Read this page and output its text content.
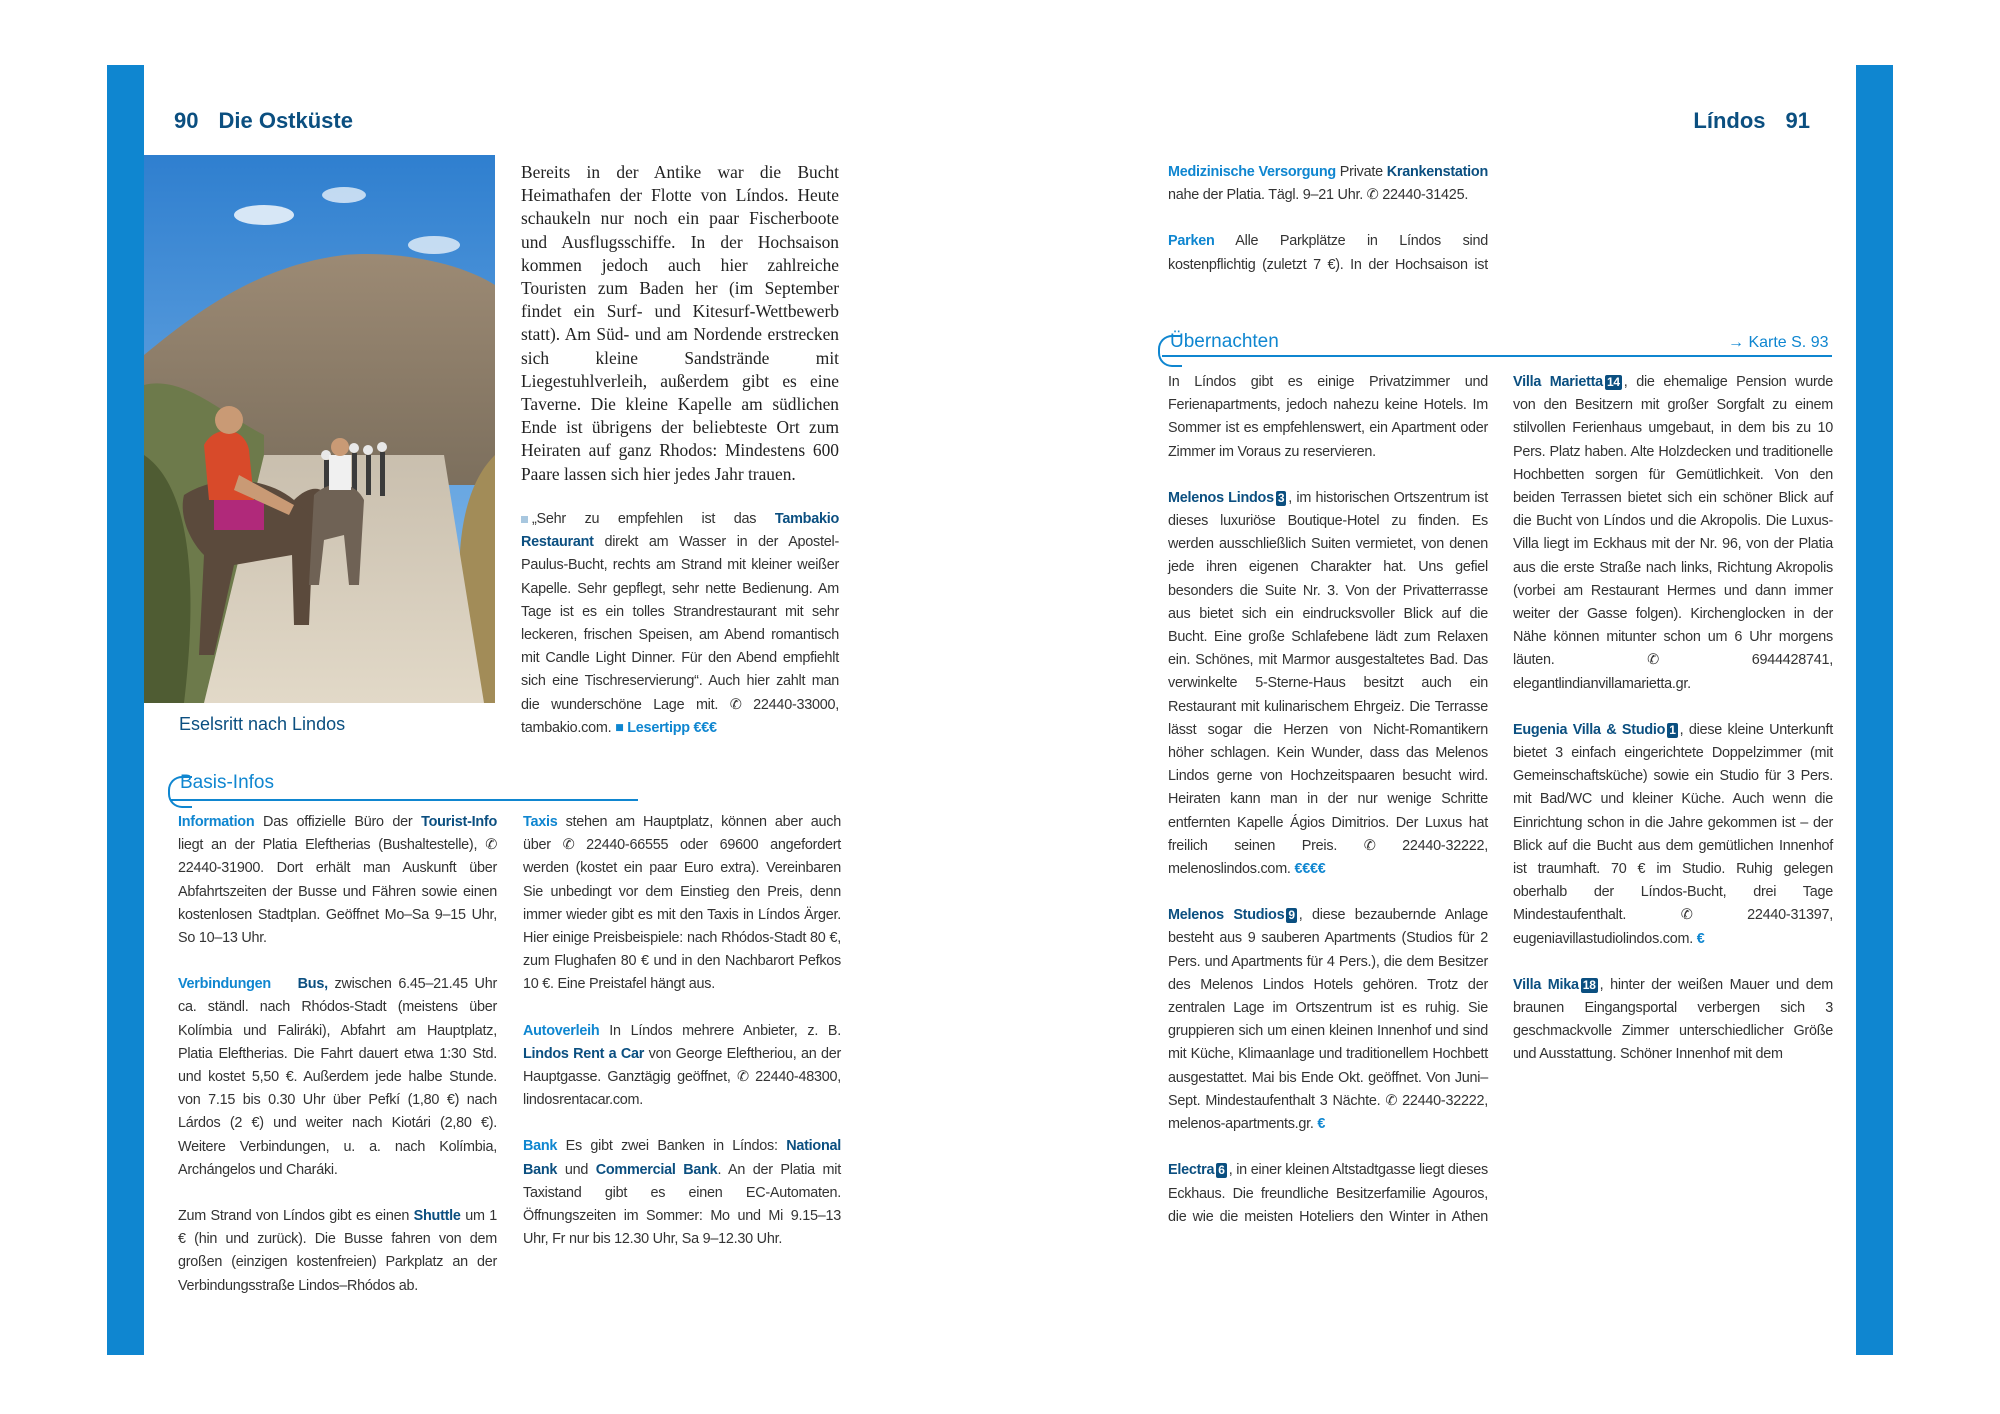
90 Die Ostküste	Líndos 91
Eselsritt nach Lindos
Bereits in der Antike war die Bucht Heimathafen der Flotte von Líndos. Heute schaukeln nur noch ein paar Fischerboote und Ausflugsschiffe. In der Hochsaison kommen jedoch auch hier zahlreiche Touristen zum Baden her (im September findet ein Surf- und Kitesurf-Wettbewerb statt). Am Süd- und am Nordende erstrecken sich kleine Sandstrände mit Liegestuhlverleih, außerdem gibt es eine Taverne. Die kleine Kapelle am südlichen Ende ist übrigens der beliebteste Ort zum Heiraten auf ganz Rhodos: Mindestens 600 Paare lassen sich hier jedes Jahr trauen.
„Sehr zu empfehlen ist das Tambakio Restaurant direkt am Wasser in der Apostel-Paulus-Bucht, rechts am Strand mit kleiner weißer Kapelle. Sehr gepflegt, sehr nette Bedienung. Am Tage ist es ein tolles Strandrestaurant mit sehr leckeren, frischen Speisen, am Abend romantisch mit Candle Light Dinner. Für den Abend empfiehlt sich eine Tischreservierung“. Auch hier zahlt man die wunderschöne Lage mit. ✆ 22440-33000, tambakio.com. ■ Lesertipp €€€
Basis-Infos

Information Das offizielle Büro der Tourist-Info liegt an der Platia Eleftherias (Bushaltestelle), ✆ 22440-31900. Dort erhält man Auskunft über Abfahrtszeiten der Busse und Fähren sowie einen kostenlosen Stadtplan. Geöffnet Mo–Sa 9–15 Uhr, So 10–13 Uhr.

Verbindungen Bus, zwischen 6.45–21.45 Uhr ca. ständl. nach Rhódos-Stadt (meistens über Kolímbia und Faliráki), Abfahrt am Hauptplatz, Platia Eleftherias. Die Fahrt dauert etwa 1:30 Std. und kostet 5,50 €. Außerdem jede halbe Stunde. von 7.15 bis 0.30 Uhr über Pefkí (1,80 €) nach Lárdos (2 €) und weiter nach Kiotári (2,80 €). Weitere Verbindungen, u. a. nach Kolímbia, Archángelos und Charáki.

Zum Strand von Líndos gibt es einen Shuttle um 1 € (hin und zurück). Die Busse fahren von dem großen (einzigen kostenfreien) Parkplatz an der Verbindungsstraße Lindos–Rhódos ab.

Taxis stehen am Hauptplatz, können aber auch über ✆ 22440-66555 oder 69600 angefordert werden (kostet ein paar Euro extra). Vereinbaren Sie unbedingt vor dem Einstieg den Preis, denn immer wieder gibt es mit den Taxis in Líndos Ärger. Hier einige Preisbeispiele: nach Rhódos-Stadt 80 €, zum Flughafen 80 € und in den Nachbarort Pefkos 10 €. Eine Preistafel hängt aus.

Autoverleih In Líndos mehrere Anbieter, z. B. Lindos Rent a Car von George Eleftheriou, an der Hauptgasse. Ganztägig geöffnet, ✆ 22440-48300, lindosrentacar.com.

Bank Es gibt zwei Banken in Líndos: National Bank und Commercial Bank. An der Platia mit Taxistand gibt es einen EC-Automaten. Öffnungszeiten im Sommer: Mo und Mi 9.15–13 Uhr, Fr nur bis 12.30 Uhr, Sa 9–12.30 Uhr.

Medizinische Versorgung Private Krankenstation nahe der Platia. Tägl. 9–21 Uhr. ✆ 22440-31425.

Parken Alle Parkplätze in Líndos sind kostenpflichtig (zuletzt 7 €). In der Hochsaison ist

Übernachten	→ Karte S. 93

In Líndos gibt es einige Privatzimmer und Ferienapartments, jedoch nahezu keine Hotels. Im Sommer ist es empfehlenswert, ein Apartment oder Zimmer im Voraus zu reservieren.

Melenos Lindos 3 , im historischen Ortszentrum ist dieses luxuriöse Boutique-Hotel zu finden. Es werden ausschließlich Suiten vermietet, von denen jede ihren eigenen Charakter hat. Uns gefiel besonders die Suite Nr. 3. Von der Privatterrasse aus bietet sich ein eindrucksvoller Blick auf die Bucht. Eine große Schlafebene lädt zum Relaxen ein. Schönes, mit Marmor ausgestaltetes Bad. Das verwinkelte 5-Sterne-Haus besitzt auch ein Restaurant mit kulinarischem Ehrgeiz. Die Terrasse lässt sogar die Herzen von Nicht-Romantikern höher schlagen. Kein Wunder, dass das Melenos Lindos gerne von Hochzeitspaaren besucht wird. Heiraten kann man in der nur wenige Schritte entfernten Kapelle Ágios Dimitrios. Der Luxus hat freilich seinen Preis. ✆ 22440-32222, melenoslindos.com. €€€€

Melenos Studios 9 , diese bezaubernde Anlage besteht aus 9 sauberen Apartments (Studios für 2 Pers. und Apartments für 4 Pers.), die dem Besitzer des Melenos Lindos Hotels gehören. Trotz der zentralen Lage im Ortszentrum ist es ruhig. Sie gruppieren sich um einen kleinen Innenhof und sind mit Küche, Klimaanlage und traditionellem Hochbett ausgestattet. Mai bis Ende Okt. geöffnet. Von Juni–Sept. Mindestaufenthalt 3 Nächte. ✆ 22440-32222, melenos-apartments.gr. €

Electra 6 , in einer kleinen Altstadtgasse liegt dieses Eckhaus. Die freundliche Besitzerfamilie Agouros, die wie die meisten Hoteliers den Winter in Athen

Villa Marietta 14 , die ehemalige Pension wurde von den Besitzern mit großer Sorgfalt zu einem stilvollen Ferienhaus umgebaut, in dem bis zu 10 Pers. Platz haben. Alte Holzdecken und traditionelle Hochbetten sorgen für Gemütlichkeit. Von den beiden Terrassen bietet sich ein schöner Blick auf die Bucht von Líndos und die Akropolis. Die Luxus-Villa liegt im Eckhaus mit der Nr. 96, von der Platia aus die erste Straße nach links, Richtung Akropolis (vorbei am Restaurant Hermes und dann immer weiter der Gasse folgen). Kirchenglocken in der Nähe können mitunter schon um 6 Uhr morgens läuten. ✆ 6944428741, elegantlindianvillamarietta.gr.

Eugenia Villa & Studio 1 , diese kleine Unterkunft bietet 3 einfach eingerichtete Doppelzimmer (mit Gemeinschaftsküche) sowie ein Studio für 3 Pers. mit Bad/WC und kleiner Küche. Auch wenn die Einrichtung schon in die Jahre gekommen ist – der Blick auf die Bucht aus dem gemütlichen Innenhof ist traumhaft. 70 € im Studio. Ruhig gelegen oberhalb der Líndos-Bucht, drei Tage Mindestaufenthalt. ✆ 22440-31397, eugeniavillastudiolindos.com. €

Villa Mika 18 , hinter der weißen Mauer und dem braunen Eingangsportal verbergen sich 3 geschmackvolle Zimmer unterschiedlicher Größe und Ausstattung. Schöner Innenhof mit dem
